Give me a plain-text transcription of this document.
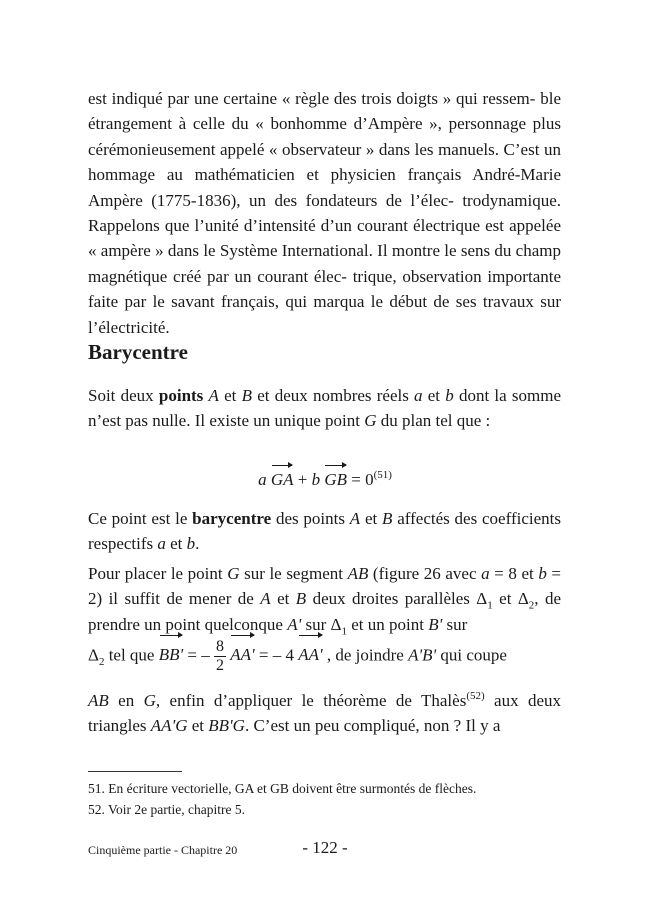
est indiqué par une certaine « règle des trois doigts » qui ressem- ble étrangement à celle du « bonhomme d’Ampère », personnage plus cérémonieusement appelé « observateur » dans les manuels. C’est un hommage au mathématicien et physicien français André-Marie Ampère (1775-1836), un des fondateurs de l’élec- trodynamique. Rappelons que l’unité d’intensité d’un courant électrique est appelée « ampère » dans le Système International. Il montre le sens du champ magnétique créé par un courant élec- trique, observation importante faite par le savant français, qui marqua le début de ses travaux sur l’électricité.
Barycentre
Soit deux points A et B et deux nombres réels a et b dont la somme n’est pas nulle. Il existe un unique point G du plan tel que :
a GA + b GB = $0^{(51)}$
Ce point est le barycentre des points A et B affectés des coefficients respectifs a et b.
Pour placer le point G sur le segment AB (figure 26 avec a = 8 et b = 2) il suffit de mener de A et B deux droites parallèles $\Delta_1$ et $\Delta_2$, de prendre un point quelconque A' sur $\Delta_1$ et un point B' sur
$\Delta_2$ tel que BB' = – $\frac{8}{2} AA'$ = – 4 AA' , de joindre A'B' qui coupe
AB en G, enfin d’appliquer le théorème de Thalès$^{(52)}$ aux deux triangles AA'G et BB'G. C’est un peu compliqué, non ? Il y a
51. En écriture vectorielle, GA et GB doivent être surmontés de flèches.
52. Voir 2e partie, chapitre 5.
Cinquième partie - Chapitre 20	- 122 -
